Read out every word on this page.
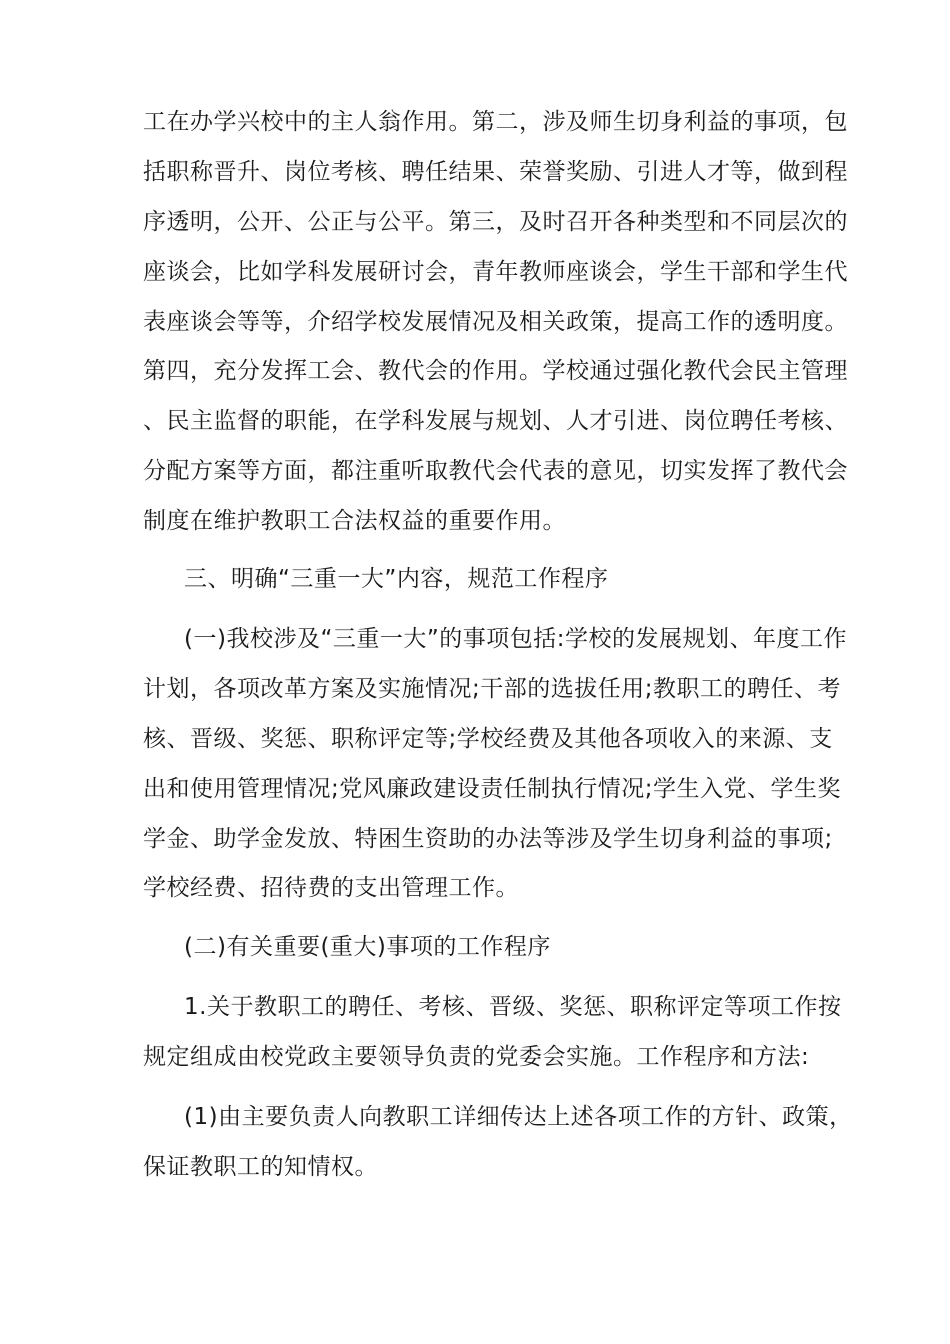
工在办学兴校中的主人翁作用。第二，涉及师生切身利益的事项，包
括职称晋升、岗位考核、聘任结果、荣誉奖励、引进人才等，做到程
序透明，公开、公正与公平。第三，及时召开各种类型和不同层次的
座谈会，比如学科发展研讨会，青年教师座谈会，学生干部和学生代
表座谈会等等，介绍学校发展情况及相关政策，提高工作的透明度。
第四，充分发挥工会、教代会的作用。学校通过强化教代会民主管理
、民主监督的职能，在学科发展与规划、人才引进、岗位聘任考核、
分配方案等方面，都注重听取教代会代表的意见，切实发挥了教代会
制度在维护教职工合法权益的重要作用。
三、明确“三重一大”内容，规范工作程序
(一)我校涉及“三重一大”的事项包括:学校的发展规划、年度工作
计划，各项改革方案及实施情况;干部的选拔任用;教职工的聘任、考
核、晋级、奖惩、职称评定等;学校经费及其他各项收入的来源、支
出和使用管理情况;党风廉政建设责任制执行情况;学生入党、学生奖
学金、助学金发放、特困生资助的办法等涉及学生切身利益的事项;
学校经费、招待费的支出管理工作。
(二)有关重要(重大)事项的工作程序
1.关于教职工的聘任、考核、晋级、奖惩、职称评定等项工作按
规定组成由校党政主要领导负责的党委会实施。工作程序和方法:
(1)由主要负责人向教职工详细传达上述各项工作的方针、政策，
保证教职工的知情权。
